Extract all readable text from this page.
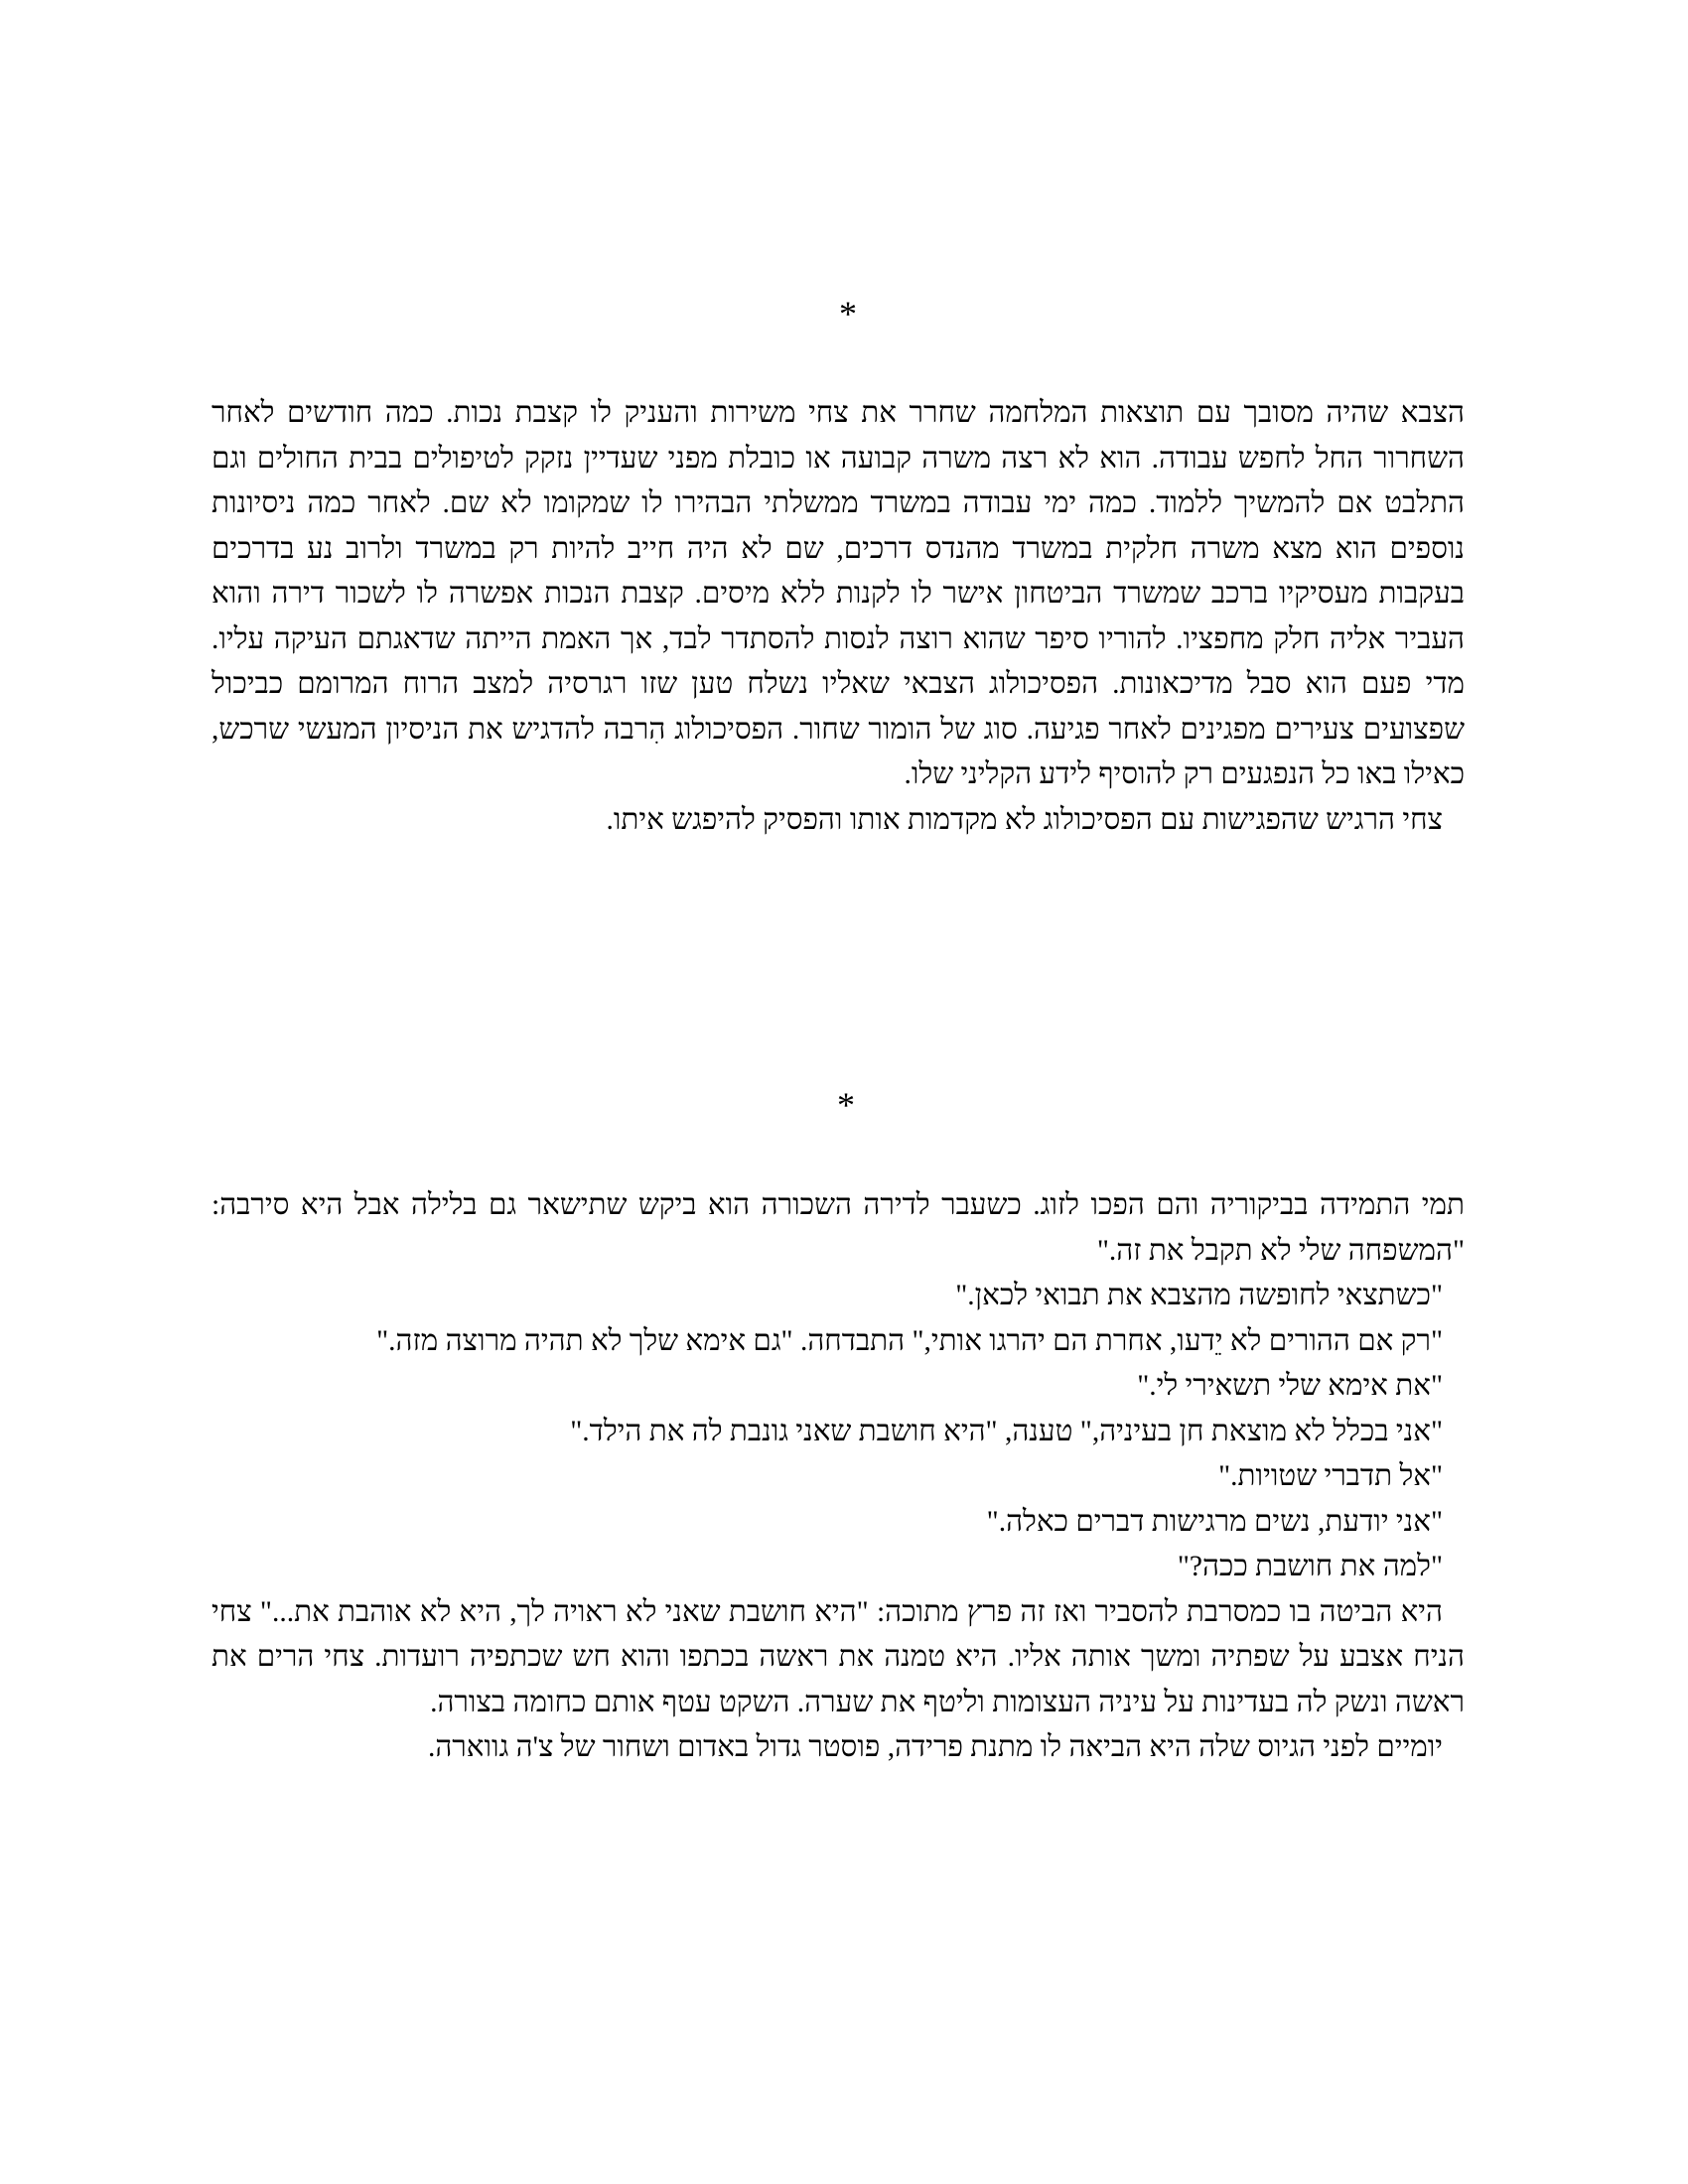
*

הצבא שהיה מסובך עם תוצאות המלחמה שחרר את צחי משירות והעניק לו קצבת נכות. כמה חודשים לאחר השחרור החל לחפש עבודה. הוא לא רצה משרה קבועה או כובלת מפני שעדיין נזקק לטיפולים בבית החולים וגם התלבט אם להמשיך ללמוד. כמה ימי עבודה במשרד ממשלתי הבהירו לו שמקומו לא שם. לאחר כמה ניסיונות נוספים הוא מצא משרה חלקית במשרד מהנדס דרכים, שם לא היה חייב להיות רק במשרד ולרוב נע בדרכים בעקבות מעסיקיו ברכב שמשרד הביטחון אישר לו לקנות ללא מיסים. קצבת הנכות אפשרה לו לשכור דירה והוא העביר אליה חלק מחפציו. להוריו סיפר שהוא רוצה לנסות להסתדר לבד, אך האמת הייתה שדאגתם העיקה עליו. מדי פעם הוא סבל מדיכאונות. הפסיכולוג הצבאי שאליו נשלח טען שזו רגרסיה למצב הרוח המרומם כביכול שפצועים צעירים מפגינים לאחר פגיעה. סוג של הומור שחור. הפסיכולוג הִרבה להדגיש את הניסיון המעשי שרכש, כאילו באו כל הנפגעים רק להוסיף לידע הקליני שלו.

צחי הרגיש שהפגישות עם הפסיכולוג לא מקדמות אותו והפסיק להיפגש איתו.

*

תמי התמידה בביקוריה והם הפכו לזוג. כשעבר לדירה השכורה הוא ביקש שתישאר גם בלילה אבל היא סירבה: "המשפחה שלי לא תקבל את זה."

"כשתצאי לחופשה מהצבא את תבואי לכאן."

"רק אם ההורים לא יֵדעו, אחרת הם יהרגו אותי," התבדחה. "גם אימא שלך לא תהיה מרוצה מזה."

"את אימא שלי תשאירי לי."

"אני בכלל לא מוצאת חן בעיניה," טענה, "היא חושבת שאני גונבת לה את הילד."

"אל תדברי שטויות."

"אני יודעת, נשים מרגישות דברים כאלה."

"למה את חושבת ככה?"

היא הביטה בו כמסרבת להסביר ואז זה פרץ מתוכה: "היא חושבת שאני לא ראויה לך, היא לא אוהבת את..." צחי הניח אצבע על שפתיה ומשך אותה אליו. היא טמנה את ראשה בכתפו והוא חש שכתפיה רועדות. צחי הרים את ראשה ונשק לה בעדינות על עיניה העצומות וליטף את שערה. השקט עטף אותם כחומה בצורה.

יומיים לפני הגיוס שלה היא הביאה לו מתנת פרידה, פוסטר גדול באדום ושחור של צ'ה גווארה.
